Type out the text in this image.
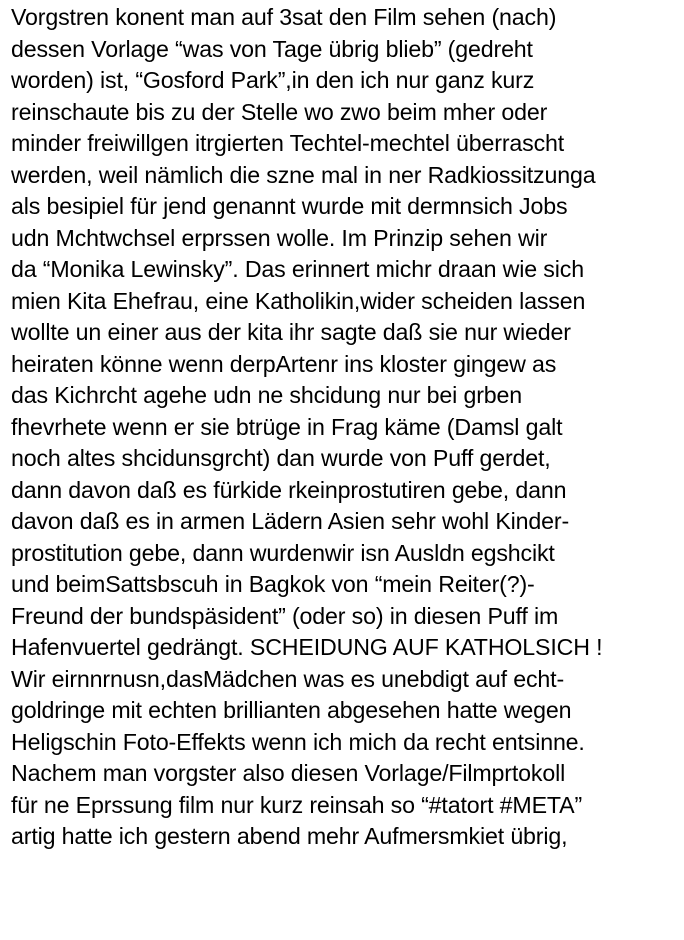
Vorgstren konent man auf 3sat den Film sehen (nach)
dessen Vorlage “was von Tage übrig blieb” (gedreht
worden) ist, “Gosford Park”,in den ich nur ganz kurz
reinschaute bis zu der Stelle wo zwo beim mher oder
minder freiwillgen itrgierten Techtel-mechtel überrascht
werden, weil nämlich die szne mal in ner Radkiossitzunga
als besipiel für jend genannt wurde mit dermnsich Jobs
udn Mchtwchsel erprssen wolle. Im Prinzip sehen wir
da “Monika Lewinsky”. Das erinnert michr draan wie sich
mien Kita Ehefrau, eine Katholikin,wider scheiden lassen
wollte un einer aus der kita ihr sagte daß sie nur wieder
heiraten könne wenn derpArtenr ins kloster gingew as
das Kichrcht agehe udn ne shcidung nur bei grben
fhevrhete wenn er sie btrüge in Frag käme (Damsl galt
noch altes shcidunsgrcht) dan wurde von Puff gerdet,
dann davon daß es fürkide rkeinprostutiren gebe, dann
davon daß es in armen Lädern Asien sehr wohl Kinder-
prostitution gebe, dann wurdenwir isn Ausldn egshcikt
und beimSattsbscuh in Bagkok von “mein Reiter(?)-
Freund der bundspäsident” (oder so) in diesen Puff im
Hafenvuertel gedrängt. SCHEIDUNG AUF KATHOLSICH !
Wir eirnnrnusn,dasMädchen was es unebdigt auf echt-
goldringe mit echten brillianten abgesehen hatte wegen
Heligschin Foto-Effekts wenn ich mich da recht entsinne.
Nachem man vorgster also diesen Vorlage/Filmprtokoll
für ne Eprssung film nur kurz reinsah so “#tatort #META”
artig hatte ich gestern abend mehr Aufmersmkiet übrig,
